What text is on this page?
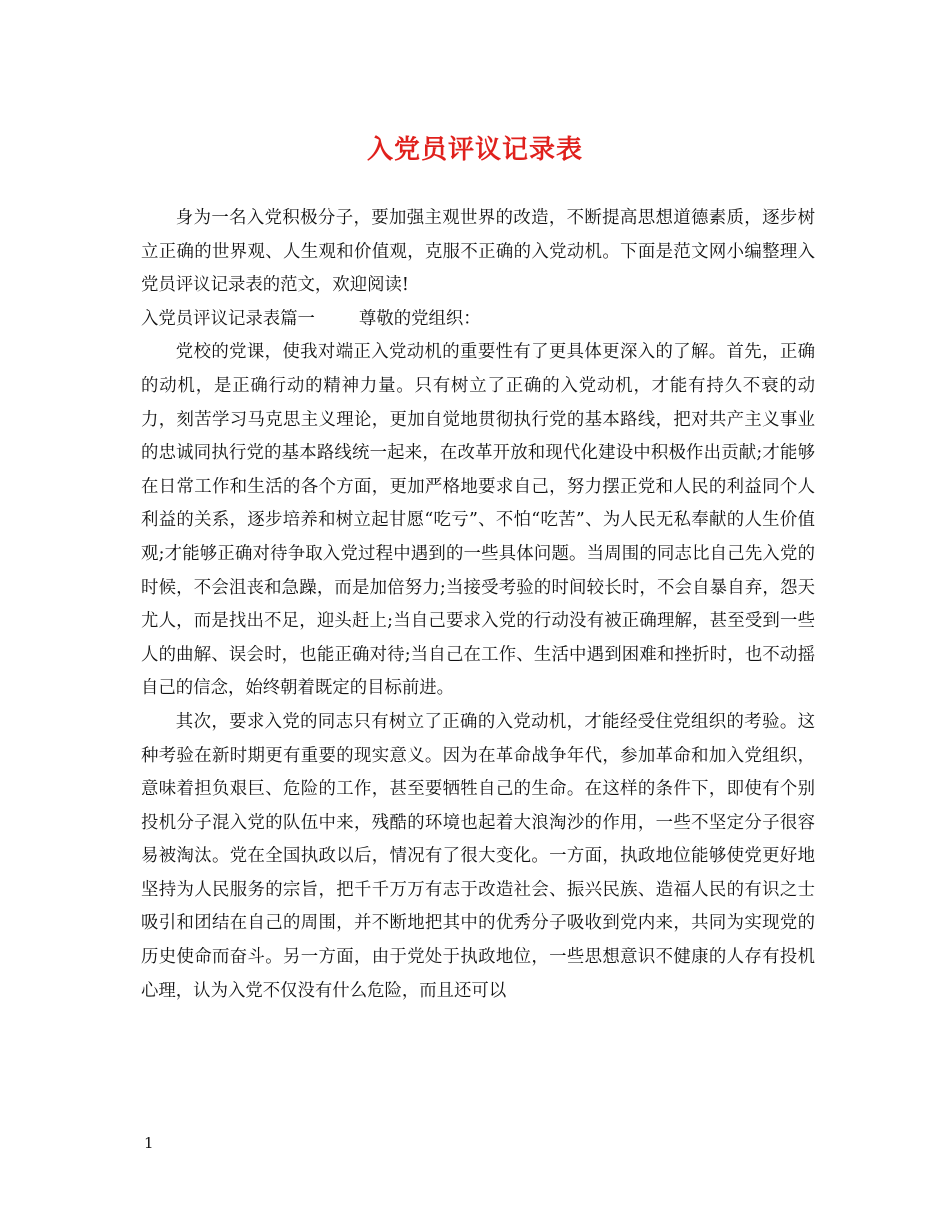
入党员评议记录表

身为一名入党积极分子，要加强主观世界的改造，不断提高思想道德素质，逐步树立正确的世界观、人生观和价值观，克服不正确的入党动机。下面是范文网小编整理入党员评议记录表的范文，欢迎阅读!

入党员评议记录表篇一	尊敬的党组织：

党校的党课，使我对端正入党动机的重要性有了更具体更深入的了解。首先，正确的动机，是正确行动的精神力量。只有树立了正确的入党动机，才能有持久不衰的动力，刻苦学习马克思主义理论，更加自觉地贯彻执行党的基本路线，把对共产主义事业的忠诚同执行党的基本路线统一起来，在改革开放和现代化建设中积极作出贡献;才能够在日常工作和生活的各个方面，更加严格地要求自己，努力摆正党和人民的利益同个人利益的关系，逐步培养和树立起甘愿“吃亏”、不怕“吃苦”、为人民无私奉献的人生价值观;才能够正确对待争取入党过程中遇到的一些具体问题。当周围的同志比自己先入党的时候，不会沮丧和急躁，而是加倍努力;当接受考验的时间较长时，不会自暴自弃，怨天尤人，而是找出不足，迎头赶上;当自己要求入党的行动没有被正确理解，甚至受到一些人的曲解、误会时，也能正确对待;当自己在工作、生活中遇到困难和挫折时，也不动摇自己的信念，始终朝着既定的目标前进。

其次，要求入党的同志只有树立了正确的入党动机，才能经受住党组织的考验。这种考验在新时期更有重要的现实意义。因为在革命战争年代，参加革命和加入党组织，意味着担负艰巨、危险的工作，甚至要牺牲自己的生命。在这样的条件下，即使有个别投机分子混入党的队伍中来，残酷的环境也起着大浪淘沙的作用，一些不坚定分子很容易被淘汰。党在全国执政以后，情况有了很大变化。一方面，执政地位能够使党更好地坚持为人民服务的宗旨，把千千万万有志于改造社会、振兴民族、造福人民的有识之士吸引和团结在自己的周围，并不断地把其中的优秀分子吸收到党内来，共同为实现党的历史使命而奋斗。另一方面，由于党处于执政地位，一些思想意识不健康的人存有投机心理，认为入党不仅没有什么危险，而且还可以

1
